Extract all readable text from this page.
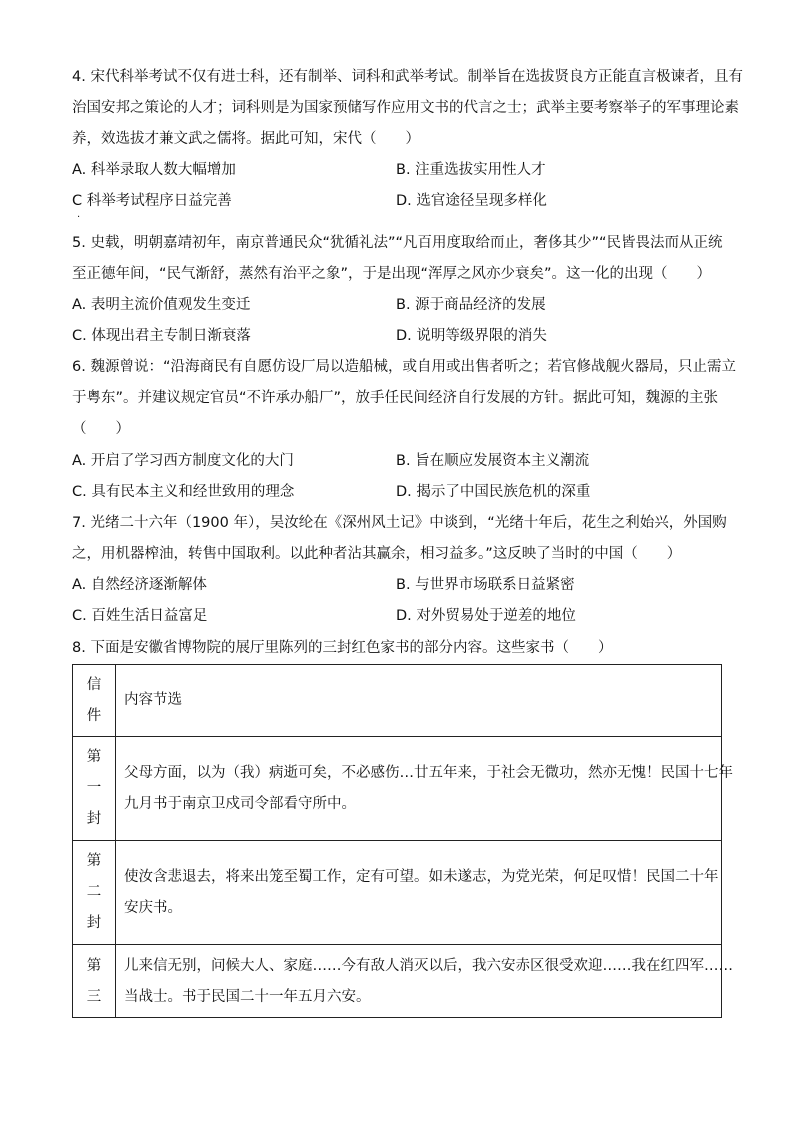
4. 宋代科举考试不仅有进士科，还有制举、词科和武举考试。制举旨在选拔贤良方正能直言极谏者，且有
治国安邦之策论的人才；词科则是为国家预储写作应用文书的代言之士；武举主要考察举子的军事理论素
养，效选拔才兼文武之儒将。据此可知，宋代（　　）
A. 科举录取人数大幅增加	B. 注重选拔实用性人才
C 科举考试程序日益完善	D. 选官途径呈现多样化
·
5. 史载，明朝嘉靖初年，南京普通民众“犹循礼法”“凡百用度取给而止，奢侈其少”“民皆畏法而从正统
至正德年间，“民气渐舒，蒸然有治平之象”，于是出现“浑厚之风亦少衰矣”。这一化的出现（　　）
A. 表明主流价值观发生变迁	B. 源于商品经济的发展
C. 体现出君主专制日渐衰落	D. 说明等级界限的消失
6. 魏源曾说：“沿海商民有自愿仿设厂局以造船械，或自用或出售者听之；若官修战舰火器局，只止需立
于粤东”。并建议规定官员“不许承办船厂”，放手任民间经济自行发展的方针。据此可知，魏源的主张
（　　）
A. 开启了学习西方制度文化的大门	B. 旨在顺应发展资本主义潮流
C. 具有民本主义和经世致用的理念	D. 揭示了中国民族危机的深重
7. 光绪二十六年（1900 年），吴汝纶在《深州风土记》中谈到，“光绪十年后，花生之利始兴，外国购
之，用机器榨油，转售中国取利。以此种者沾其赢余，相习益多。”这反映了当时的中国（　　）
A. 自然经济逐渐解体	B. 与世界市场联系日益紧密
C. 百姓生活日益富足	D. 对外贸易处于逆差的地位
8. 下面是安徽省博物院的展厅里陈列的三封红色家书的部分内容。这些家书（　　）
信
件	内容节选

第
一
封	父母方面，以为（我）病逝可矣，不必感伤…廿五年来，于社会无微功，然亦无愧！民国十七年
九月书于南京卫戍司令部看守所中。

第
二
封	使汝含悲退去，将来出笼至蜀工作，定有可望。如未遂志，为党光荣，何足叹惜！民国二十年
安庆书。

第
三	儿来信无别，问候大人、家庭……今有敌人消灭以后，我六安赤区很受欢迎……我在红四军……
当战士。书于民国二十一年五月六安。
